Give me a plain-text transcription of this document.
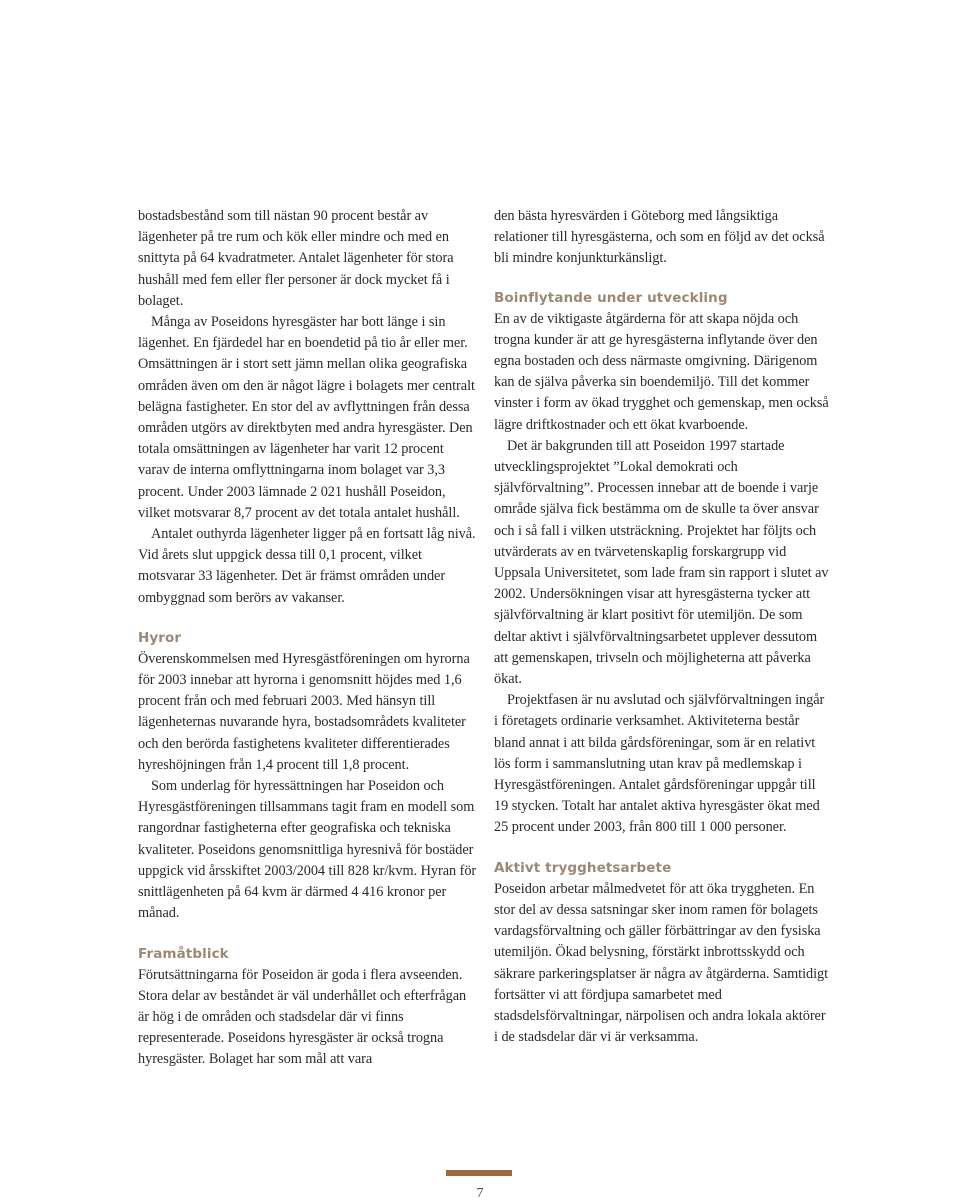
bostadsbestånd som till nästan 90 procent består av lägenheter på tre rum och kök eller mindre och med en snittyta på 64 kvadratmeter. Antalet lägenheter för stora hushåll med fem eller fler personer är dock mycket få i bolaget.

Många av Poseidons hyresgäster har bott länge i sin lägenhet. En fjärdedel har en boendetid på tio år eller mer. Omsättningen är i stort sett jämn mellan olika geografiska områden även om den är något lägre i bolagets mer centralt belägna fastigheter. En stor del av avflyttningen från dessa områden utgörs av direktbyten med andra hyresgäster. Den totala omsättningen av lägenheter har varit 12 procent varav de interna omflyttningarna inom bolaget var 3,3 procent. Under 2003 lämnade 2 021 hushåll Poseidon, vilket motsvarar 8,7 procent av det totala antalet hushåll.

Antalet outhyrda lägenheter ligger på en fortsatt låg nivå. Vid årets slut uppgick dessa till 0,1 procent, vilket motsvarar 33 lägenheter. Det är främst områden under ombyggnad som berörs av vakanser.

Hyror

Överenskommelsen med Hyresgästföreningen om hyrorna för 2003 innebar att hyrorna i genomsnitt höjdes med 1,6 procent från och med februari 2003. Med hänsyn till lägenheternas nuvarande hyra, bostadsområdets kvaliteter och den berörda fastighetens kvaliteter differentierades hyreshöjningen från 1,4 procent till 1,8 procent.

Som underlag för hyressättningen har Poseidon och Hyresgästföreningen tillsammans tagit fram en modell som rangordnar fastigheterna efter geografiska och tekniska kvaliteter. Poseidons genomsnittliga hyresnivå för bostäder uppgick vid årsskiftet 2003/2004 till 828 kr/kvm. Hyran för snittlägenheten på 64 kvm är därmed 4 416 kronor per månad.

Framåtblick

Förutsättningarna för Poseidon är goda i flera avseenden. Stora delar av beståndet är väl underhållet och efterfrågan är hög i de områden och stadsdelar där vi finns representerade. Poseidons hyresgäster är också trogna hyresgäster. Bolaget har som mål att vara

den bästa hyresvärden i Göteborg med långsiktiga relationer till hyresgästerna, och som en följd av det också bli mindre konjunkturkänsligt.

Boinflytande under utveckling

En av de viktigaste åtgärderna för att skapa nöjda och trogna kunder är att ge hyresgästerna inflytande över den egna bostaden och dess närmaste omgivning. Därigenom kan de själva påverka sin boendemiljö. Till det kommer vinster i form av ökad trygghet och gemenskap, men också lägre driftkostnader och ett ökat kvarboende.

Det är bakgrunden till att Poseidon 1997 startade utvecklingsprojektet ”Lokal demokrati och självförvaltning”. Processen innebar att de boende i varje område själva fick bestämma om de skulle ta över ansvar och i så fall i vilken utsträckning. Projektet har följts och utvärderats av en tvärvetenskaplig forskargrupp vid Uppsala Universitetet, som lade fram sin rapport i slutet av 2002. Undersökningen visar att hyresgästerna tycker att självförvaltning är klart positivt för utemiljön. De som deltar aktivt i självförvaltningsarbetet upplever dessutom att gemenskapen, trivseln och möjligheterna att påverka ökat.

Projektfasen är nu avslutad och självförvaltningen ingår i företagets ordinarie verksamhet. Aktiviteterna består bland annat i att bilda gårdsföreningar, som är en relativt lös form i sammanslutning utan krav på medlemskap i Hyresgästföreningen. Antalet gårdsföreningar uppgår till 19 stycken. Totalt har antalet aktiva hyresgäster ökat med 25 procent under 2003, från 800 till 1 000 personer.

Aktivt trygghetsarbete

Poseidon arbetar målmedvetet för att öka tryggheten. En stor del av dessa satsningar sker inom ramen för bolagets vardagsförvaltning och gäller förbättringar av den fysiska utemiljön. Ökad belysning, förstärkt inbrottsskydd och säkrare parkeringsplatser är några av åtgärderna. Samtidigt fortsätter vi att fördjupa samarbetet med stadsdelsförvaltningar, närpolisen och andra lokala aktörer i de stadsdelar där vi är verksamma.

7
